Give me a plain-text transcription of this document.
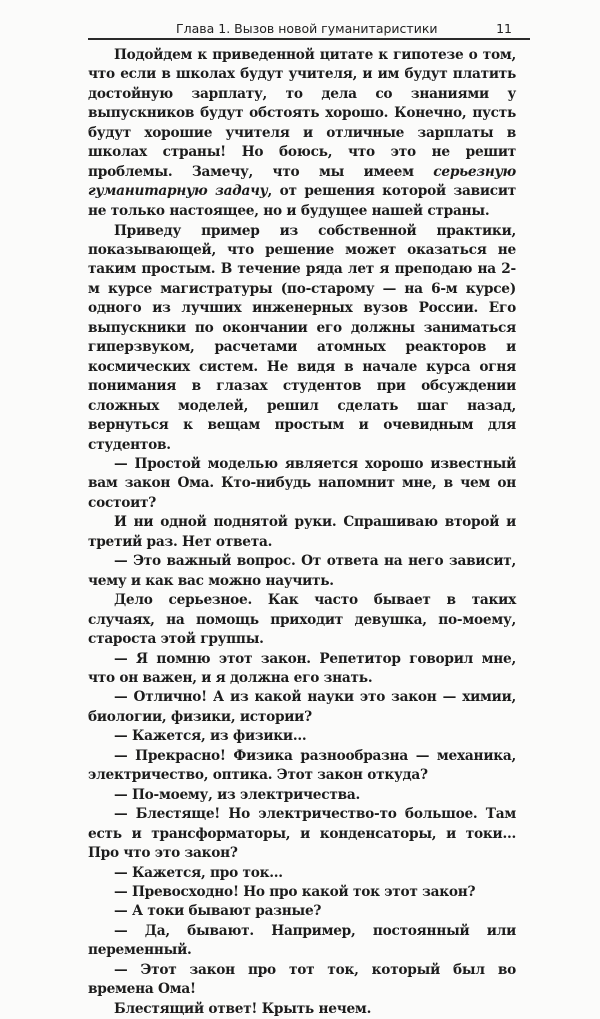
Глава 1. Вызов новой гуманитаристики	11

Подойдем к приведенной цитате к гипотезе о том, что если в школах будут учителя, и им будут платить достойную зарплату, то дела со знаниями у выпускников будут обстоять хорошо. Конечно, пусть будут хорошие учителя и отличные зарплаты в школах страны! Но боюсь, что это не решит проблемы. Замечу, что мы имеем серьезную гуманитарную задачу, от решения которой зависит не только настоящее, но и будущее нашей страны.

Приведу пример из собственной практики, показывающей, что решение может оказаться не таким простым. В течение ряда лет я преподаю на 2-м курсе магистратуры (по-старому — на 6-м курсе) одного из лучших инженерных вузов России. Его выпускники по окончании его должны заниматься гиперзвуком, расчетами атомных реакторов и космических систем. Не видя в начале курса огня понимания в глазах студентов при обсуждении сложных моделей, решил сделать шаг назад, вернуться к вещам простым и очевидным для студентов.

— Простой моделью является хорошо известный вам закон Ома. Кто-нибудь напомнит мне, в чем он состоит?

И ни одной поднятой руки. Спрашиваю второй и третий раз. Нет ответа.

— Это важный вопрос. От ответа на него зависит, чему и как вас можно научить.

Дело серьезное. Как часто бывает в таких случаях, на помощь приходит девушка, по-моему, староста этой группы.

— Я помню этот закон. Репетитор говорил мне, что он важен, и я должна его знать.

— Отлично! А из какой науки это закон — химии, биологии, физики, истории?

— Кажется, из физики...

— Прекрасно! Физика разнообразна — механика, электричество, оптика. Этот закон откуда?

— По-моему, из электричества.

— Блестяще! Но электричество-то большое. Там есть и трансформаторы, и конденсаторы, и токи... Про что это закон?

— Кажется, про ток...

— Превосходно! Но про какой ток этот закон?

— А токи бывают разные?

— Да, бывают. Например, постоянный или переменный.

— Этот закон про тот ток, который был во времена Ома!

Блестящий ответ! Крыть нечем.
